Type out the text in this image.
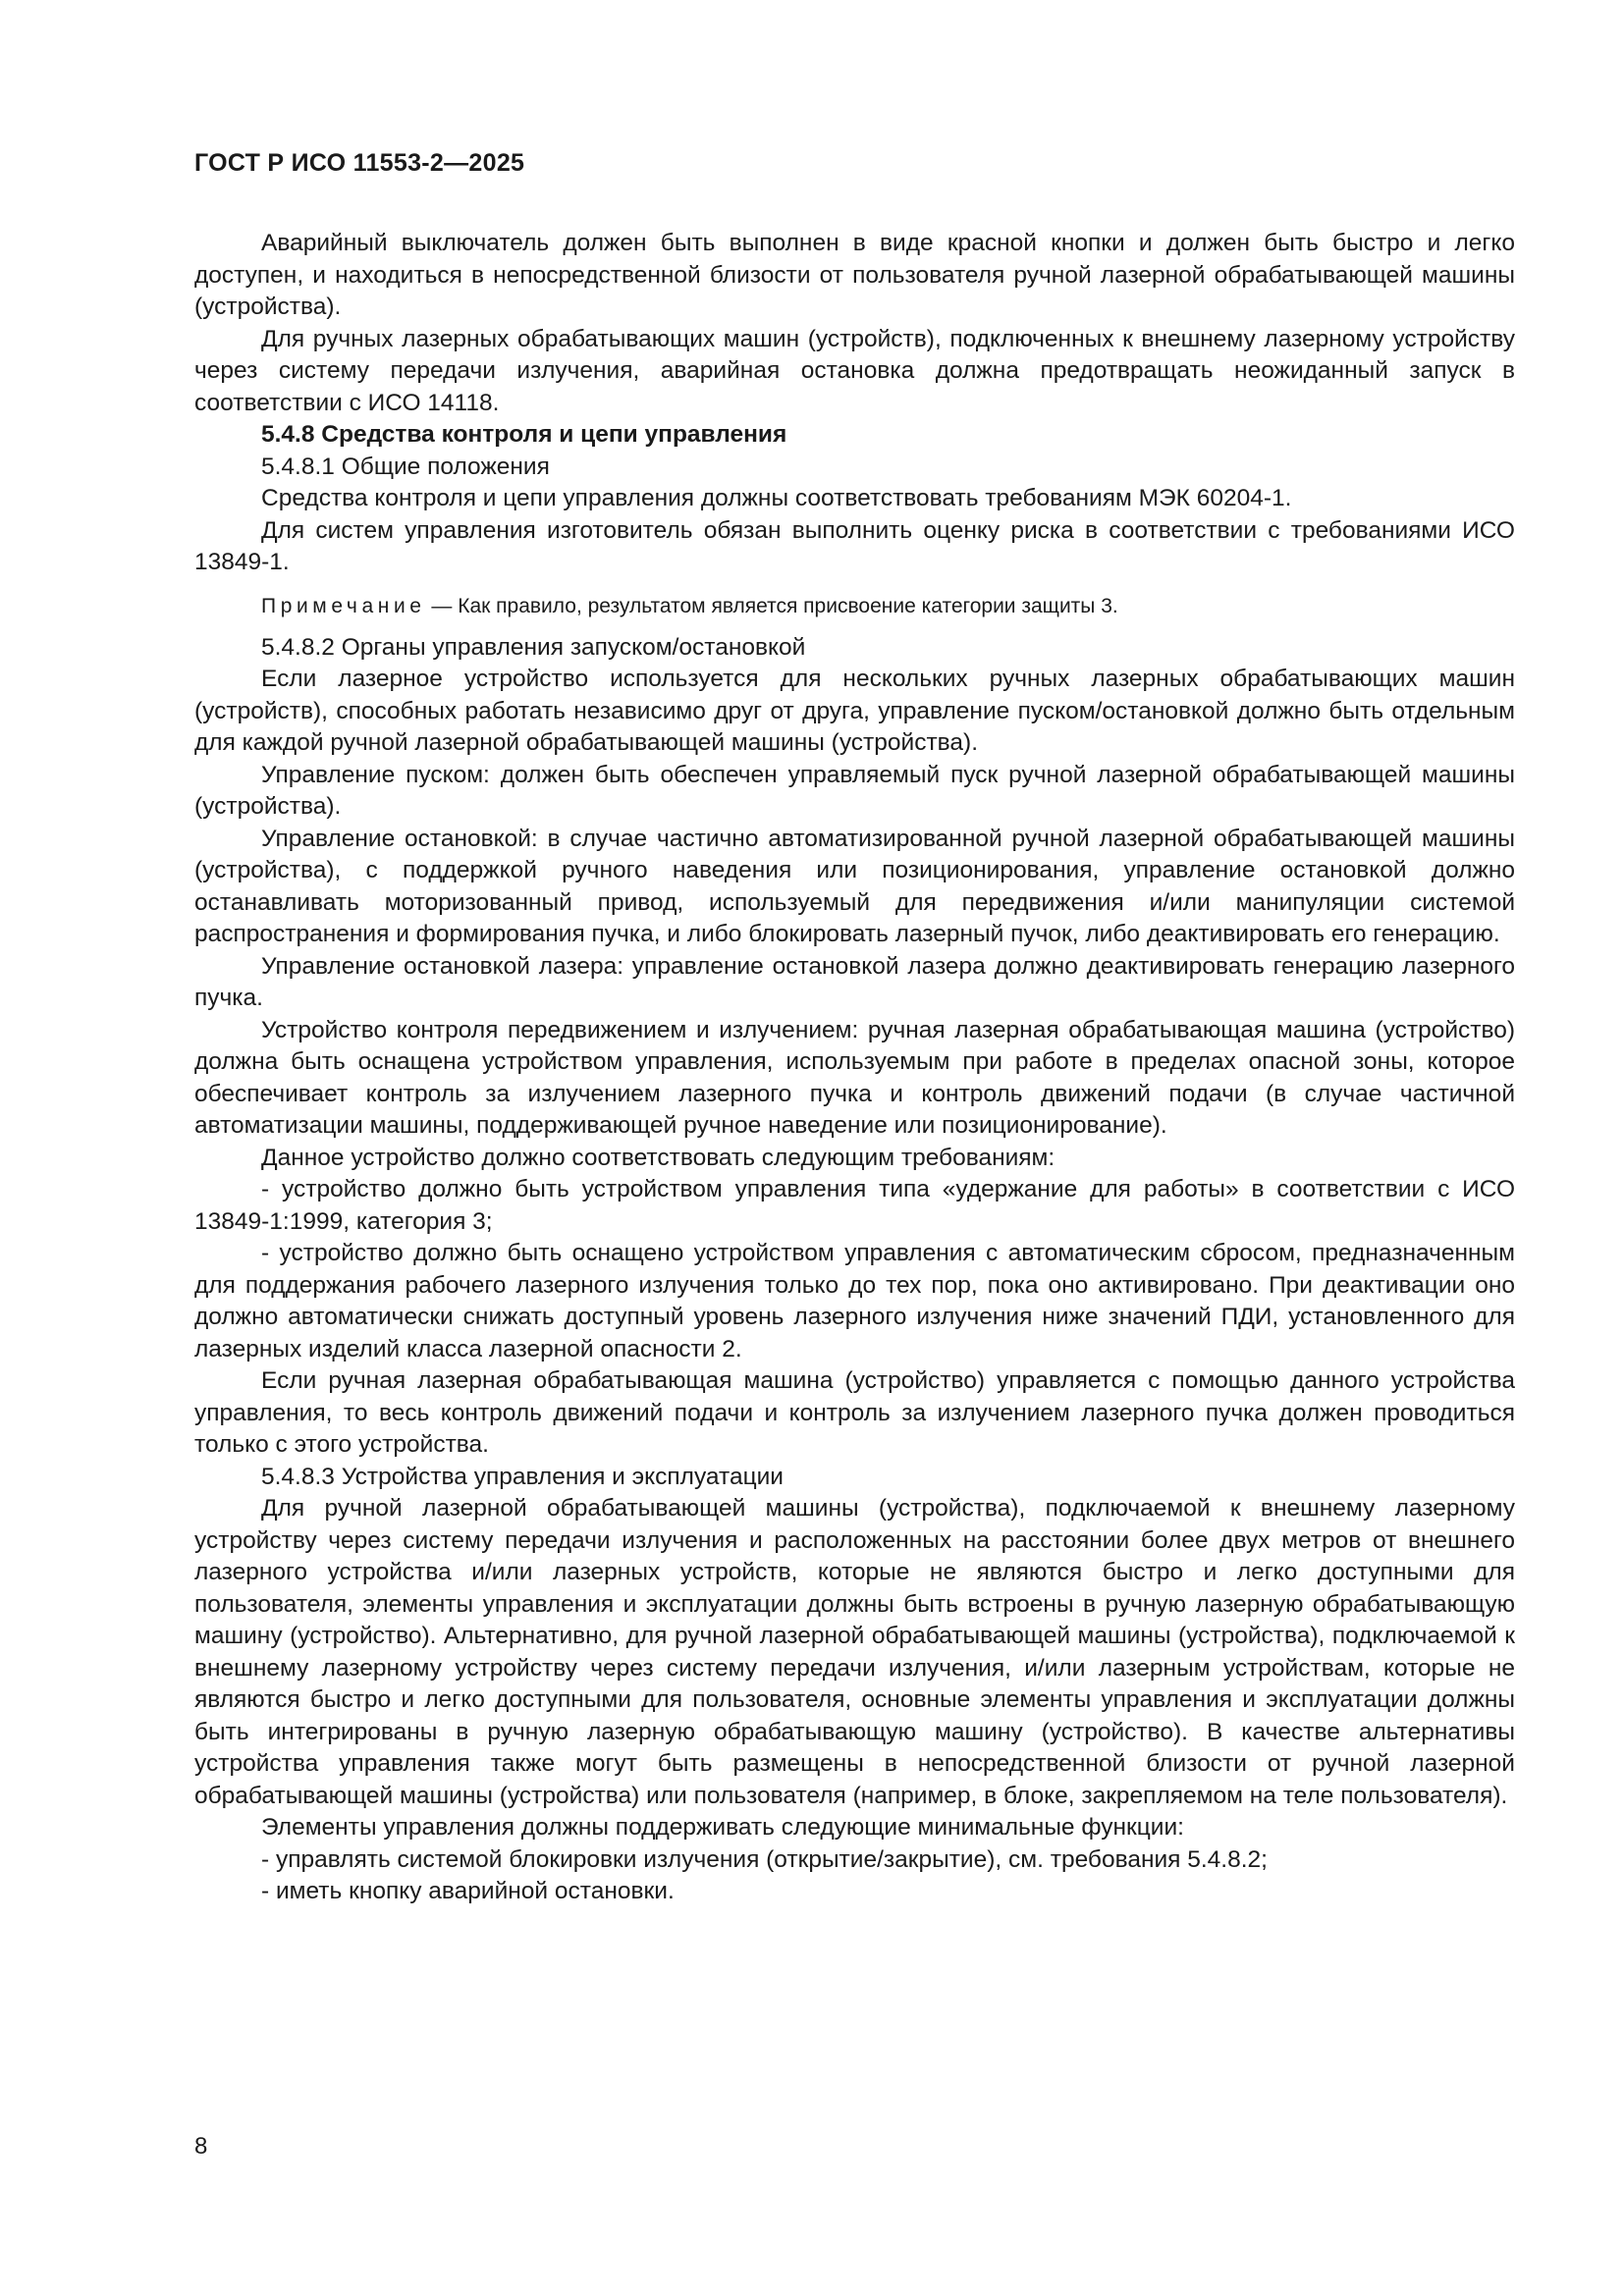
ГОСТ Р ИСО 11553-2—2025

Аварийный выключатель должен быть выполнен в виде красной кнопки и должен быть быстро и легко доступен, и находиться в непосредственной близости от пользователя ручной лазерной обрабатывающей машины (устройства).

Для ручных лазерных обрабатывающих машин (устройств), подключенных к внешнему лазерному устройству через систему передачи излучения, аварийная остановка должна предотвращать неожиданный запуск в соответствии с ИСО 14118.

5.4.8 Средства контроля и цепи управления

5.4.8.1 Общие положения

Средства контроля и цепи управления должны соответствовать требованиям МЭК 60204-1.

Для систем управления изготовитель обязан выполнить оценку риска в соответствии с требованиями ИСО 13849-1.

Примечание — Как правило, результатом является присвоение категории защиты 3.

5.4.8.2 Органы управления запуском/остановкой

Если лазерное устройство используется для нескольких ручных лазерных обрабатывающих машин (устройств), способных работать независимо друг от друга, управление пуском/остановкой должно быть отдельным для каждой ручной лазерной обрабатывающей машины (устройства).

Управление пуском: должен быть обеспечен управляемый пуск ручной лазерной обрабатывающей машины (устройства).

Управление остановкой: в случае частично автоматизированной ручной лазерной обрабатывающей машины (устройства), с поддержкой ручного наведения или позиционирования, управление остановкой должно останавливать моторизованный привод, используемый для передвижения и/или манипуляции системой распространения и формирования пучка, и либо блокировать лазерный пучок, либо деактивировать его генерацию.

Управление остановкой лазера: управление остановкой лазера должно деактивировать генерацию лазерного пучка.

Устройство контроля передвижением и излучением: ручная лазерная обрабатывающая машина (устройство) должна быть оснащена устройством управления, используемым при работе в пределах опасной зоны, которое обеспечивает контроль за излучением лазерного пучка и контроль движений подачи (в случае частичной автоматизации машины, поддерживающей ручное наведение или позиционирование).

Данное устройство должно соответствовать следующим требованиям:

- устройство должно быть устройством управления типа «удержание для работы» в соответствии с ИСО 13849-1:1999, категория 3;

- устройство должно быть оснащено устройством управления с автоматическим сбросом, предназначенным для поддержания рабочего лазерного излучения только до тех пор, пока оно активировано. При деактивации оно должно автоматически снижать доступный уровень лазерного излучения ниже значений ПДИ, установленного для лазерных изделий класса лазерной опасности 2.

Если ручная лазерная обрабатывающая машина (устройство) управляется с помощью данного устройства управления, то весь контроль движений подачи и контроль за излучением лазерного пучка должен проводиться только с этого устройства.

5.4.8.3 Устройства управления и эксплуатации

Для ручной лазерной обрабатывающей машины (устройства), подключаемой к внешнему лазерному устройству через систему передачи излучения и расположенных на расстоянии более двух метров от внешнего лазерного устройства и/или лазерных устройств, которые не являются быстро и легко доступными для пользователя, элементы управления и эксплуатации должны быть встроены в ручную лазерную обрабатывающую машину (устройство). Альтернативно, для ручной лазерной обрабатывающей машины (устройства), подключаемой к внешнему лазерному устройству через систему передачи излучения, и/или лазерным устройствам, которые не являются быстро и легко доступными для пользователя, основные элементы управления и эксплуатации должны быть интегрированы в ручную лазерную обрабатывающую машину (устройство). В качестве альтернативы устройства управления также могут быть размещены в непосредственной близости от ручной лазерной обрабатывающей машины (устройства) или пользователя (например, в блоке, закрепляемом на теле пользователя).

Элементы управления должны поддерживать следующие минимальные функции:

- управлять системой блокировки излучения (открытие/закрытие), см. требования 5.4.8.2;

- иметь кнопку аварийной остановки.

8
